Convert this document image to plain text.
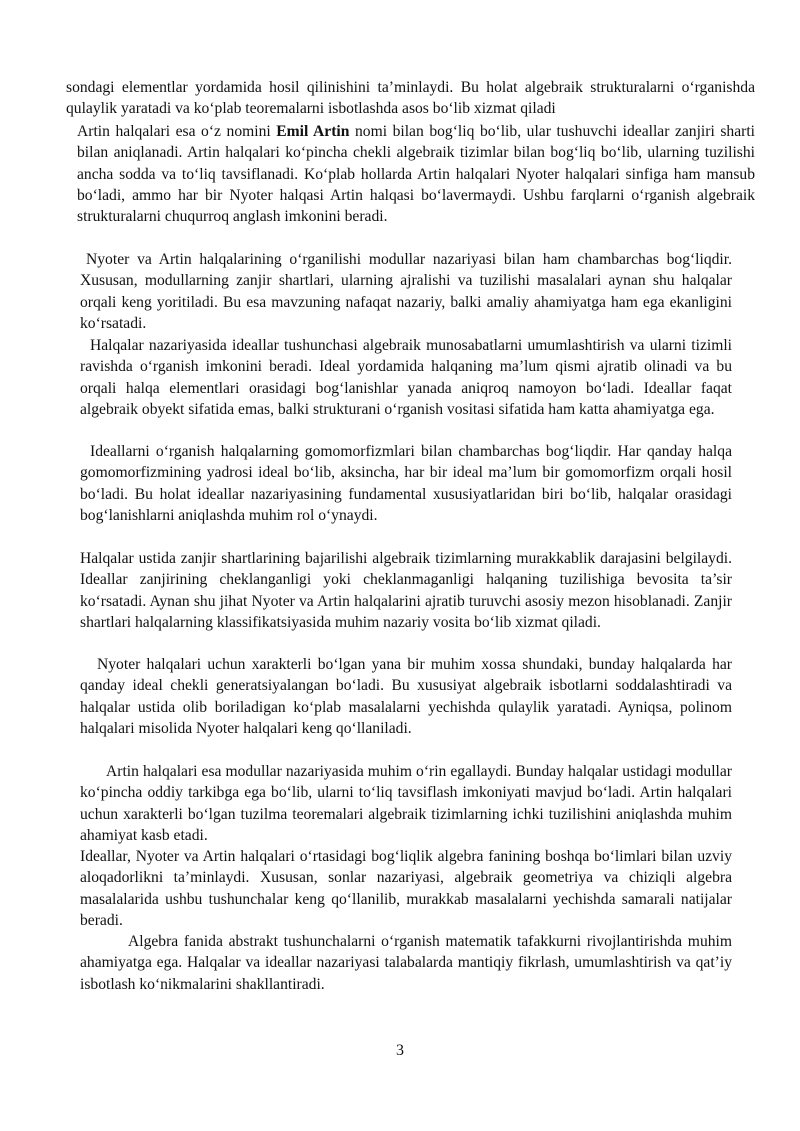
sondagi elementlar yordamida hosil qilinishini ta’minlaydi. Bu holat algebraik strukturalarni o‘rganishda qulaylik yaratadi va ko‘plab teoremalarni isbotlashda asos bo‘lib xizmat qiladi

Artin halqalari esa o‘z nomini Emil Artin nomi bilan bog‘liq bo‘lib, ular tushuvchi ideallar zanjiri sharti bilan aniqlanadi. Artin halqalari ko‘pincha chekli algebraik tizimlar bilan bog‘liq bo‘lib, ularning tuzilishi ancha sodda va to‘liq tavsiflanadi. Ko‘plab hollarda Artin halqalari Nyoter halqalari sinfiga ham mansub bo‘ladi, ammo har bir Nyoter halqasi Artin halqasi bo‘lavermaydi. Ushbu farqlarni o‘rganish algebraik strukturalarni chuqurroq anglash imkonini beradi.

Nyoter va Artin halqalarining o‘rganilishi modullar nazariyasi bilan ham chambarchas bog‘liqdir. Xususan, modullarning zanjir shartlari, ularning ajralishi va tuzilishi masalalari aynan shu halqalar orqali keng yoritiladi. Bu esa mavzuning nafaqat nazariy, balki amaliy ahamiyatga ham ega ekanligini ko‘rsatadi.

Halqalar nazariyasida ideallar tushunchasi algebraik munosabatlarni umumlashtirish va ularni tizimli ravishda o‘rganish imkonini beradi. Ideal yordamida halqaning ma’lum qismi ajratib olinadi va bu orqali halqa elementlari orasidagi bog‘lanishlar yanada aniqroq namoyon bo‘ladi. Ideallar faqat algebraik obyekt sifatida emas, balki strukturani o‘rganish vositasi sifatida ham katta ahamiyatga ega.

Ideallarni o‘rganish halqalarning gomomorfizmlari bilan chambarchas bog‘liqdir. Har qanday halqa gomomorfizmining yadrosi ideal bo‘lib, aksincha, har bir ideal ma’lum bir gomomorfizm orqali hosil bo‘ladi. Bu holat ideallar nazariyasining fundamental xususiyatlaridan biri bo‘lib, halqalar orasidagi bog‘lanishlarni aniqlashda muhim rol o‘ynaydi.

Halqalar ustida zanjir shartlarining bajarilishi algebraik tizimlarning murakkablik darajasini belgilaydi. Ideallar zanjirining cheklanganligi yoki cheklanmaganligi halqaning tuzilishiga bevosita ta’sir ko‘rsatadi. Aynan shu jihat Nyoter va Artin halqalarini ajratib turuvchi asosiy mezon hisoblanadi. Zanjir shartlari halqalarning klassifikatsiyasida muhim nazariy vosita bo‘lib xizmat qiladi.

Nyoter halqalari uchun xarakterli bo‘lgan yana bir muhim xossa shundaki, bunday halqalarda har qanday ideal chekli generatsiyalangan bo‘ladi. Bu xususiyat algebraik isbotlarni soddalashtiradi va halqalar ustida olib boriladigan ko‘plab masalalarni yechishda qulaylik yaratadi. Ayniqsa, polinom halqalari misolida Nyoter halqalari keng qo‘llaniladi.

Artin halqalari esa modullar nazariyasida muhim o‘rin egallaydi. Bunday halqalar ustidagi modullar ko‘pincha oddiy tarkibga ega bo‘lib, ularni to‘liq tavsiflash imkoniyati mavjud bo‘ladi. Artin halqalari uchun xarakterli bo‘lgan tuzilma teoremalari algebraik tizimlarning ichki tuzilishini aniqlashda muhim ahamiyat kasb etadi.

Ideallar, Nyoter va Artin halqalari o‘rtasidagi bog‘liqlik algebra fanining boshqa bo‘limlari bilan uzviy aloqadorlikni ta’minlaydi. Xususan, sonlar nazariyasi, algebraik geometriya va chiziqli algebra masalalarida ushbu tushunchalar keng qo‘llanilib, murakkab masalalarni yechishda samarali natijalar beradi.

Algebra fanida abstrakt tushunchalarni o‘rganish matematik tafakkurni rivojlantirishda muhim ahamiyatga ega. Halqalar va ideallar nazariyasi talabalarda mantiqiy fikrlash, umumlashtirish va qat’iy isbotlash ko‘nikmalarini shakllantiradi.

3
